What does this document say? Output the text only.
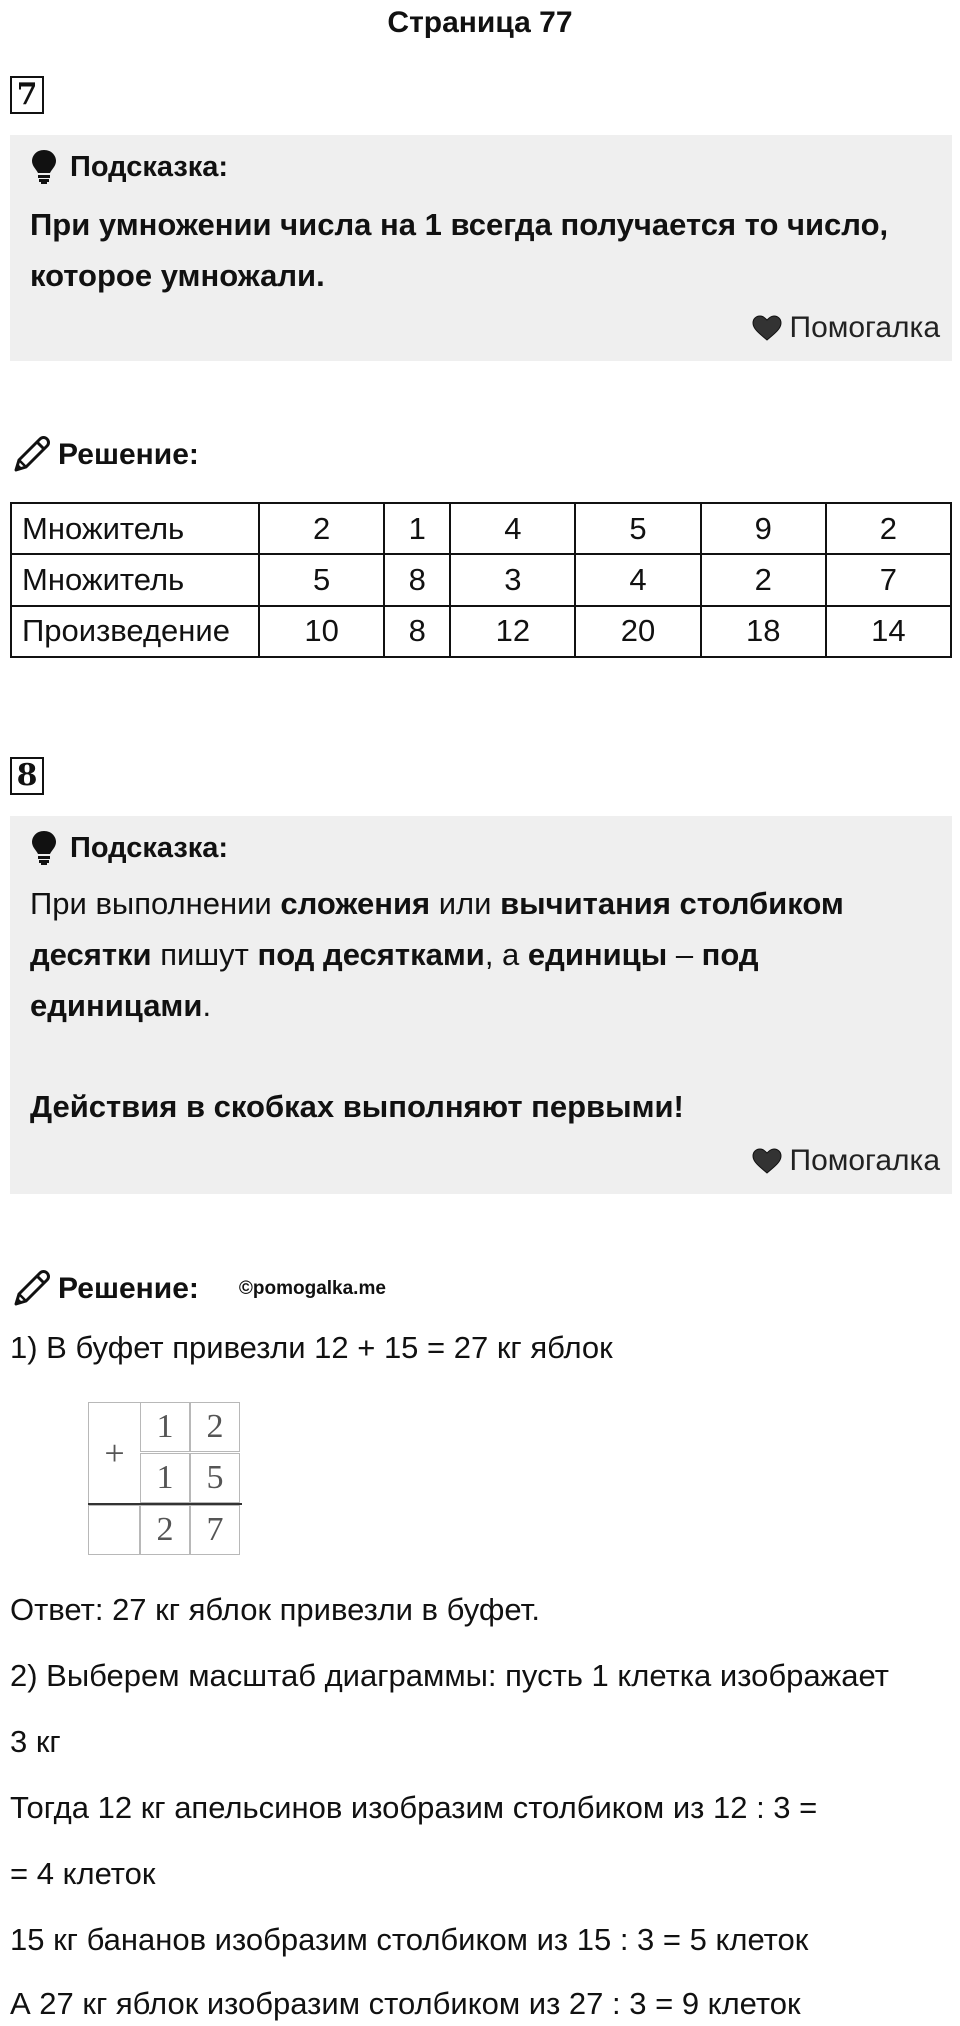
Страница 77
7
Подсказка:
При умножении числа на 1 всегда получается то число,
которое умножали.
Помогалка
Решение:
Множитель	2	1	4	5	9	2
Множитель	5	8	3	4	2	7
Произведение	10	8	12	20	18	14
8
Подсказка:
При выполнении сложения или вычитания столбиком
десятки пишут под десятками, а единицы – под
единицами.
Действия в скобках выполняют первыми!
Помогалка
Решение: ©pomogalka.me
1) В буфет привезли 12 + 15 = 27 кг яблок
+
1 2
1 5
2 7
Ответ: 27 кг яблок привезли в буфет.
2) Выберем масштаб диаграммы: пусть 1 клетка изображает
3 кг
Тогда 12 кг апельсинов изобразим столбиком из 12 : 3 =
= 4 клеток
15 кг бананов изобразим столбиком из 15 : 3 = 5 клеток
А 27 кг яблок изобразим столбиком из 27 : 3 = 9 клеток
